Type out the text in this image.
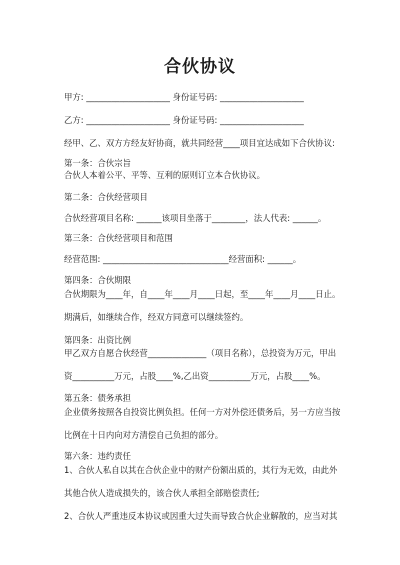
合伙协议
甲方: ____________________ 身份证号码: ____________________
乙方: ____________________ 身份证号码: ____________________
经甲、乙、双方方经友好协商，就共同经营____项目宜达成如下合伙协议:
第一条：合伙宗旨
合伙人本着公平、平等、互利的原则订立本合伙协议。
第二条：合伙经营项目
合伙经营项目名称: ______该项目坐落于________，法人代表: ______。
第三条：合伙经营项目和范围
经营范围: ______________________________经营面积: ______。
第四条：合伙期限
合伙期限为____年，自____年____月____日起，至____年____月____日止。期满后，如继续合作，经双方同意可以继续签约。
第四条：出资比例
甲乙双方自愿合伙经营______________（项目名称），总投资为万元，甲出资__________万元，占股____%,乙出资__________万元，占股____%。
第五条：债务承担
企业债务按照各自投资比例负担。任何一方对外偿还债务后，另一方应当按比例在十日内向对方清偿自己负担的部分。
第六条：违约责任
1、合伙人私自以其在合伙企业中的财产份额出质的，其行为无效，由此外其他合伙人造成损失的，该合伙人承担全部赔偿责任;
2、合伙人严重违反本协议或因重大过失而导致合伙企业解散的，应当对其
